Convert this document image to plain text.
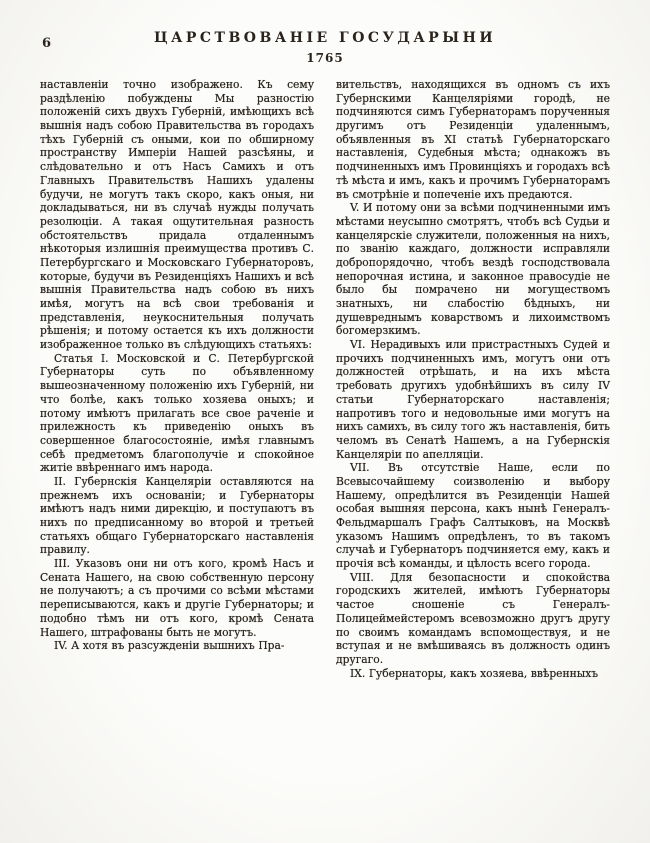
6	ЦАРСТВОВАНІЕ ГОСУДАРЫНИ
1765

наставленіи точно изображено. Къ сему раздѣленію побуждены Мы разностію положеній сихъ двухъ Губерній, имѣющихъ всѣ вышнія надъ собою Правительства въ городахъ тѣхъ Губерній съ оными, кои по обширному пространству Имперіи Нашей разсѣяны, и слѣдовательно и отъ Насъ Самихъ и отъ Главныхъ Правительствъ Нашихъ удалены будучи, не могутъ такъ скоро, какъ оныя, ни докладываться, ни въ случаѣ нужды получать резолюціи. А такая ощутительная разность обстоятельствъ придала отдаленнымъ нѣкоторыя излишнія преимущества противъ С. Петербургскаго и Московскаго Губернаторовъ, которые, будучи въ Резиденціяхъ Нашихъ и всѣ вышнія Правительства надъ собою въ нихъ имѣя, могутъ на всѣ свои требованія и представленія, неукоснительныя получать рѣшенія; и потому остается къ ихъ должности изображенное только въ слѣдующихъ статьяхъ:

Статья I. Московской и С. Петербургской Губернаторы суть по объявленному вышеозначенному положенію ихъ Губерній, ни что болѣе, какъ только хозяева оныхъ; и потому имѣютъ прилагать все свое раченіе и прилежность къ приведенію оныхъ въ совершенное благосостояніе, имѣя главнымъ себѣ предметомъ благополучіе и спокойное житіе ввѣреннаго имъ народа.

II. Губернскія Канцеляріи оставляются на прежнемъ ихъ основаніи; и Губернаторы имѣютъ надъ ними дирекцію, и поступаютъ въ нихъ по предписанному во второй и третьей статьяхъ общаго Губернаторскаго наставленія правилу.

III. Указовъ они ни отъ кого, кромѣ Насъ и Сената Нашего, на свою собственную персону не получаютъ; а съ прочими со всѣми мѣстами переписываются, какъ и другіе Губернаторы; и подобно тѣмъ ни отъ кого, кромѣ Сената Нашего, штрафованы быть не могутъ.

IV. А хотя въ разсужденіи вышнихъ Пра-

вительствъ, находящихся въ одномъ съ ихъ Губернскими Канцеляріями городѣ, не подчиняются симъ Губернаторамъ порученныя другимъ отъ Резиденціи удаленнымъ, объявленныя въ XI статьѣ Губернаторскаго наставленія, Судебныя мѣста; однакожъ въ подчиненныхъ имъ Провинціяхъ и городахъ всѣ тѣ мѣста и имъ, какъ и прочимъ Губернаторамъ въ смотрѣніе и попеченіе ихъ предаются.

V. И потому они за всѣми подчиненными имъ мѣстами неусыпно смотрятъ, чтобъ всѣ Судьи и канцелярскіе служители, положенныя на нихъ, по званію каждаго, должности исправляли добропорядочно, чтобъ вездѣ господствовала непорочная истина, и законное правосудіе не было бы помрачено ни могуществомъ знатныхъ, ни слабостію бѣдныхъ, ни душевреднымъ коварствомъ и лихоимствомъ богомерзкимъ.

VI. Нерадивыхъ или пристрастныхъ Судей и прочихъ подчиненныхъ имъ, могутъ они отъ должностей отрѣшать, и на ихъ мѣста требовать другихъ удобнѣйшихъ въ силу IV статьи Губернаторскаго наставленія; напротивъ того и недовольные ими могутъ на нихъ самихъ, въ силу того жъ наставленія, бить челомъ въ Сенатѣ Нашемъ, а на Губернскія Канцеляріи по апелляціи.

VII. Въ отсутствіе Наше, если по Всевысочайшему соизволенію и выбору Нашему, опредѣлится въ Резиденціи Нашей особая вышняя персона, какъ нынѣ Генералъ-Фельдмаршалъ Графъ Салтыковъ, на Москвѣ указомъ Нашимъ опредѣленъ, то въ такомъ случаѣ и Губернаторъ подчиняется ему, какъ и прочія всѣ команды, и цѣлость всего города.

VIII. Для безопасности и спокойства городскихъ жителей, имѣютъ Губернаторы частое сношеніе съ Генералъ-Полицеймейстеромъ всевозможно другъ другу по своимъ командамъ вспомоществуя, и не вступая и не вмѣшиваясь въ должность одинъ другаго.

IX. Губернаторы, какъ хозяева, ввѣренныхъ
